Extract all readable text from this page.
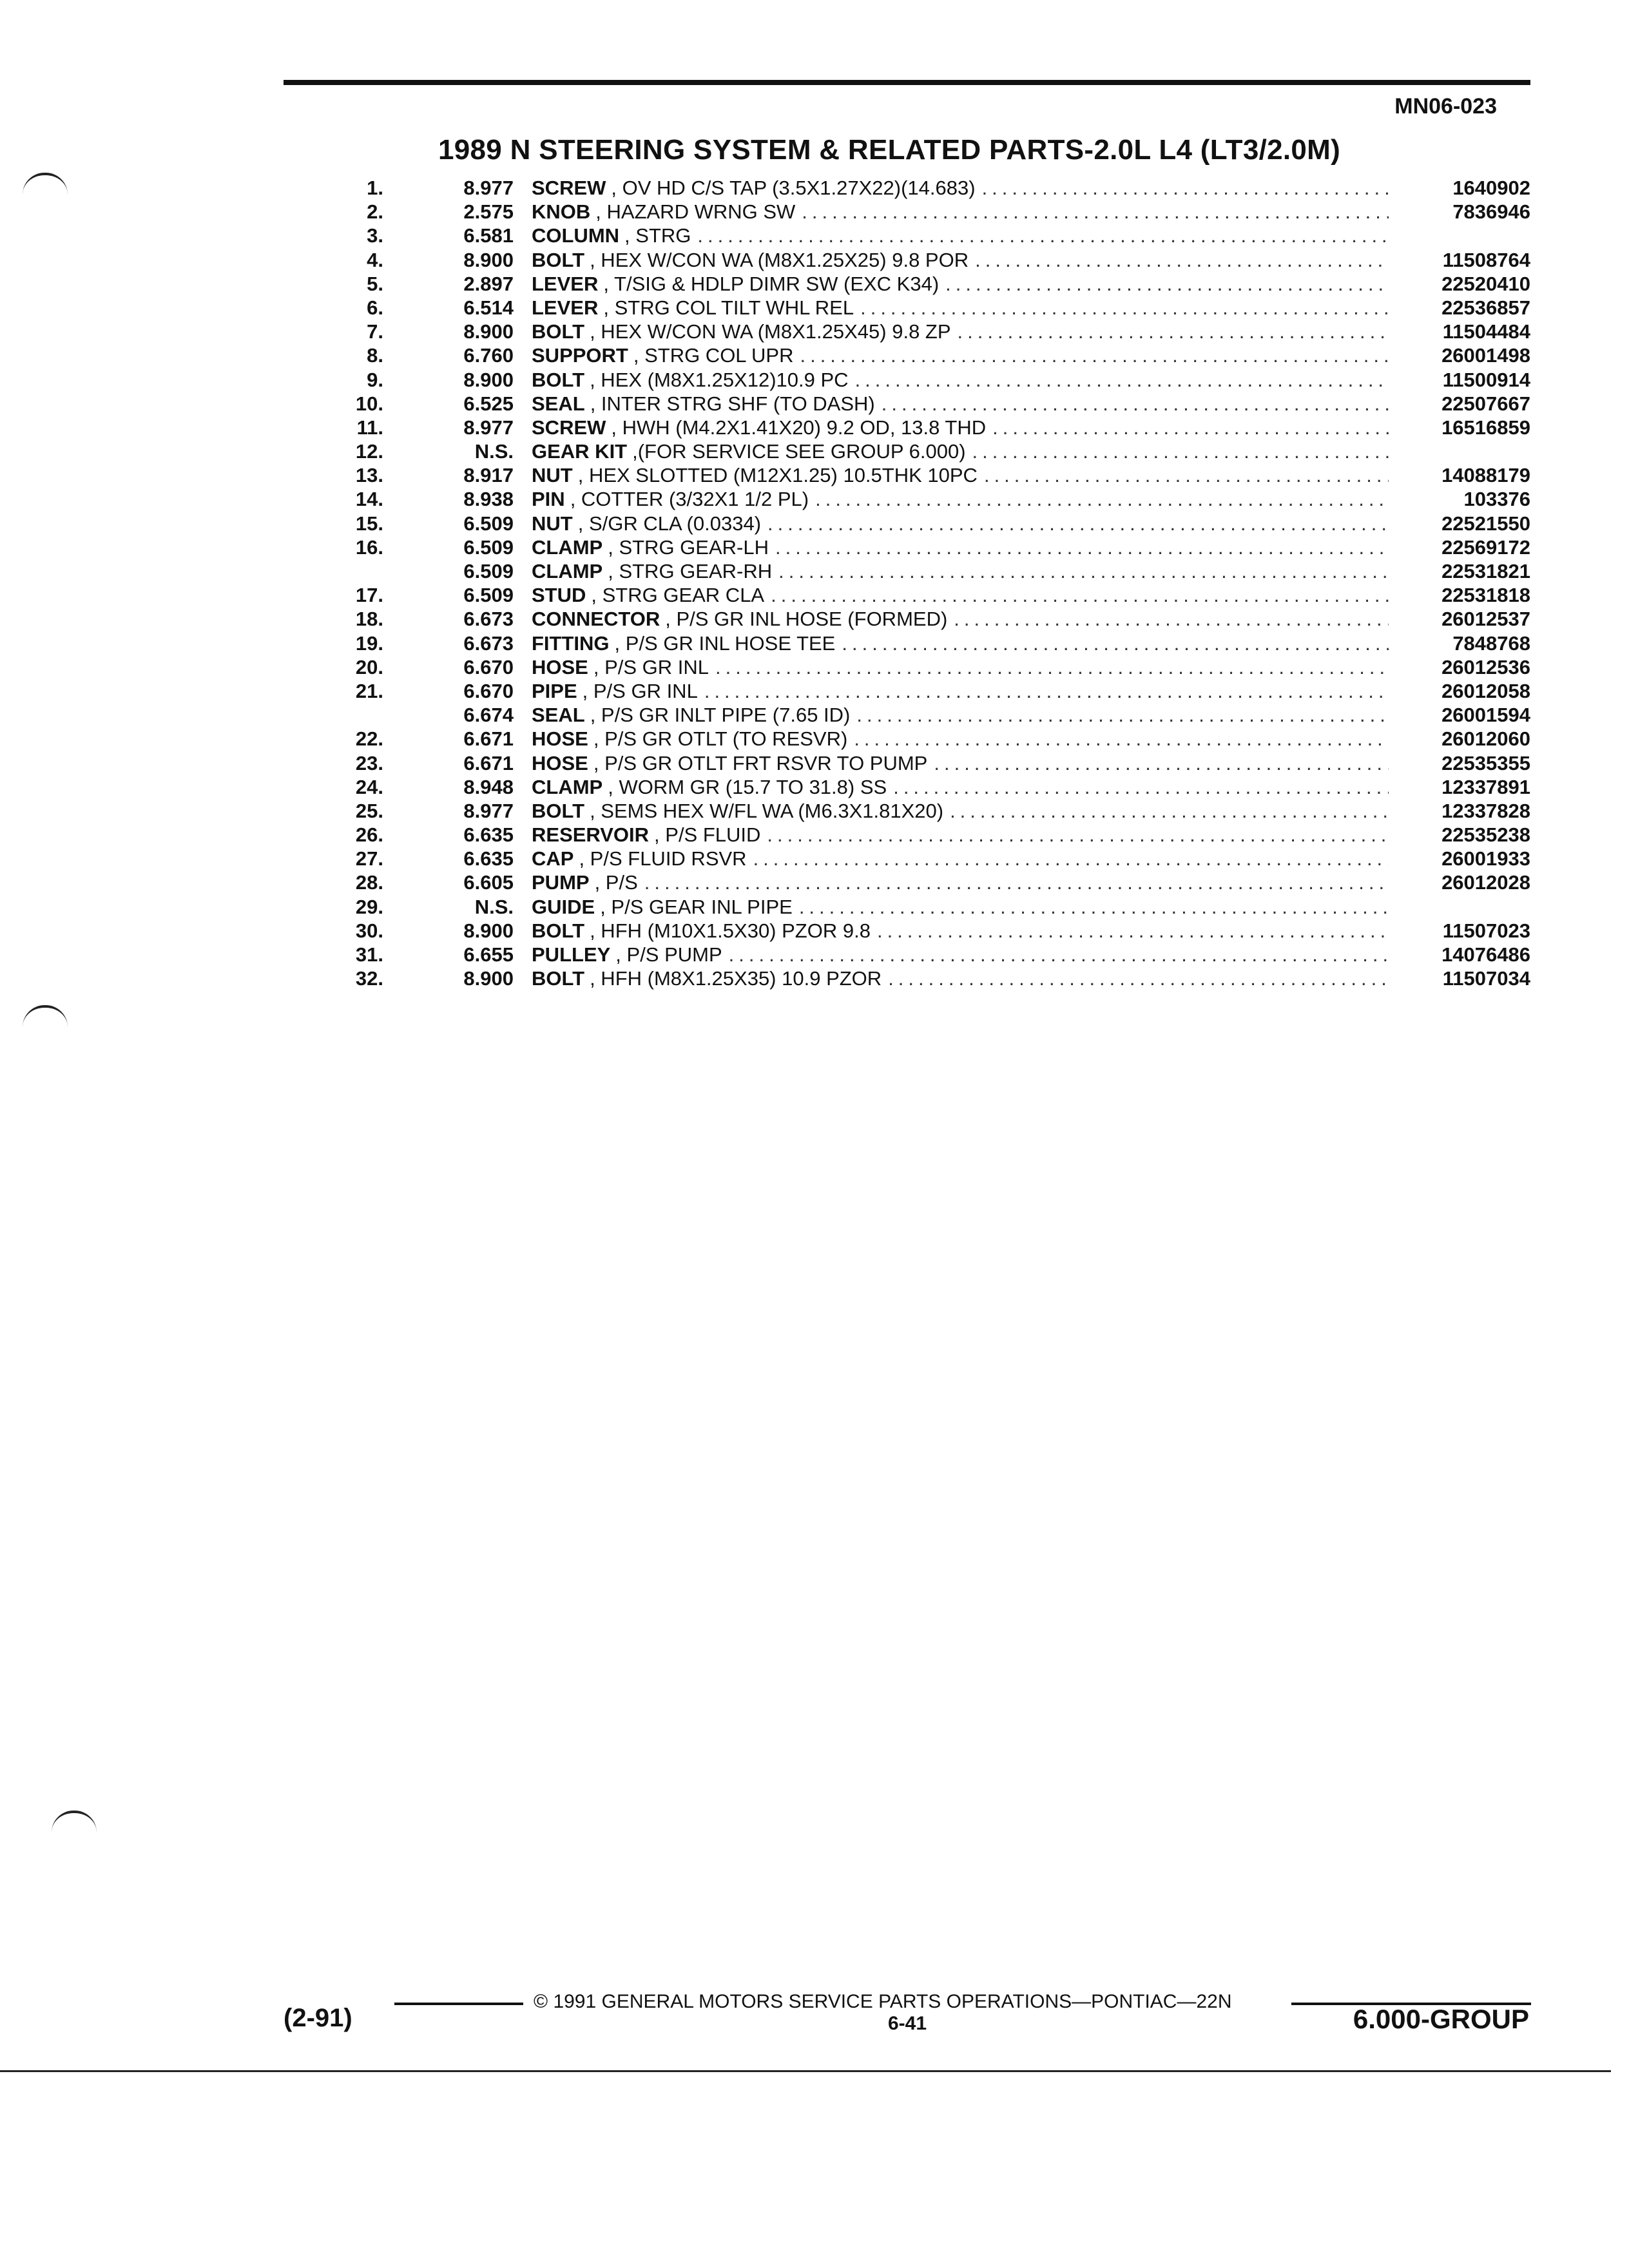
MN06-023
1989 N STEERING SYSTEM & RELATED PARTS-2.0L L4 (LT3/2.0M)
1.	8.977 SCREW , OV HD C/S TAP (3.5X1.27X22)(14.683) .....	1640902
2.	2.575 KNOB , HAZARD WRNG SW .....	7836946
3.	6.581 COLUMN , STRG
.....
4.	8.900 BOLT , HEX W/CON WA (M8X1.25X25) 9.8 POR .....	11508764
5.	2.897 LEVER , T/SIG & HDLP DIMR SW (EXC K34) .....	22520410
6.	6.514 LEVER , STRG COL TILT WHL REL .....	22536857
7.	8.900 BOLT , HEX W/CON WA (M8X1.25X45) 9.8 ZP .....	11504484
8.	6.760 SUPPORT , STRG COL UPR .....	26001498
9.	8.900 BOLT , HEX (M8X1.25X12)10.9 PC .....	11500914
10.	6.525 SEAL , INTER STRG SHF (TO DASH) .....	22507667
11.	8.977 SCREW , HWH (M4.2X1.41X20) 9.2 OD, 13.8 THD .....	16516859
12.	N.S. GEAR KIT ,(FOR SERVICE SEE GROUP 6.000)
.....
13.	8.917 NUT , HEX SLOTTED (M12X1.25) 10.5THK 10PC .....	14088179
14.	8.938 PIN , COTTER (3/32X1 1/2 PL) .....	103376
15.	6.509 NUT , S/GR CLA (0.0334) .....	22521550
16.	6.509 CLAMP , STRG GEAR-LH .....	22569172
6.509 CLAMP , STRG GEAR-RH .....	22531821
17.	6.509 STUD , STRG GEAR CLA .....	22531818
18.	6.673 CONNECTOR , P/S GR INL HOSE (FORMED) .....	26012537
19.	6.673 FITTING , P/S GR INL HOSE TEE .....	7848768
20.	6.670 HOSE , P/S GR INL .....	26012536
21.	6.670 PIPE , P/S GR INL .....	26012058
6.674 SEAL , P/S GR INLT PIPE (7.65 ID) .....	26001594
22.	6.671 HOSE , P/S GR OTLT (TO RESVR) .....	26012060
23.	6.671 HOSE , P/S GR OTLT FRT RSVR TO PUMP .....	22535355
24.	8.948 CLAMP , WORM GR (15.7 TO 31.8) SS .....	12337891
25.	8.977 BOLT , SEMS HEX W/FL WA (M6.3X1.81X20) .....	12337828
26.	6.635 RESERVOIR , P/S FLUID .....	22535238
27.	6.635 CAP , P/S FLUID RSVR .....	26001933
28.	6.605 PUMP , P/S .....	26012028
29.	N.S. GUIDE , P/S GEAR INL PIPE
.....
30.	8.900 BOLT , HFH (M10X1.5X30) PZOR 9.8 .....	11507023
31.	6.655 PULLEY , P/S PUMP .....	14076486
32.	8.900 BOLT , HFH (M8X1.25X35) 10.9 PZOR .....	11507034
© 1991 GENERAL MOTORS SERVICE PARTS OPERATIONS—PONTIAC—22N
(2-91)	6-41	6.000-GROUP
